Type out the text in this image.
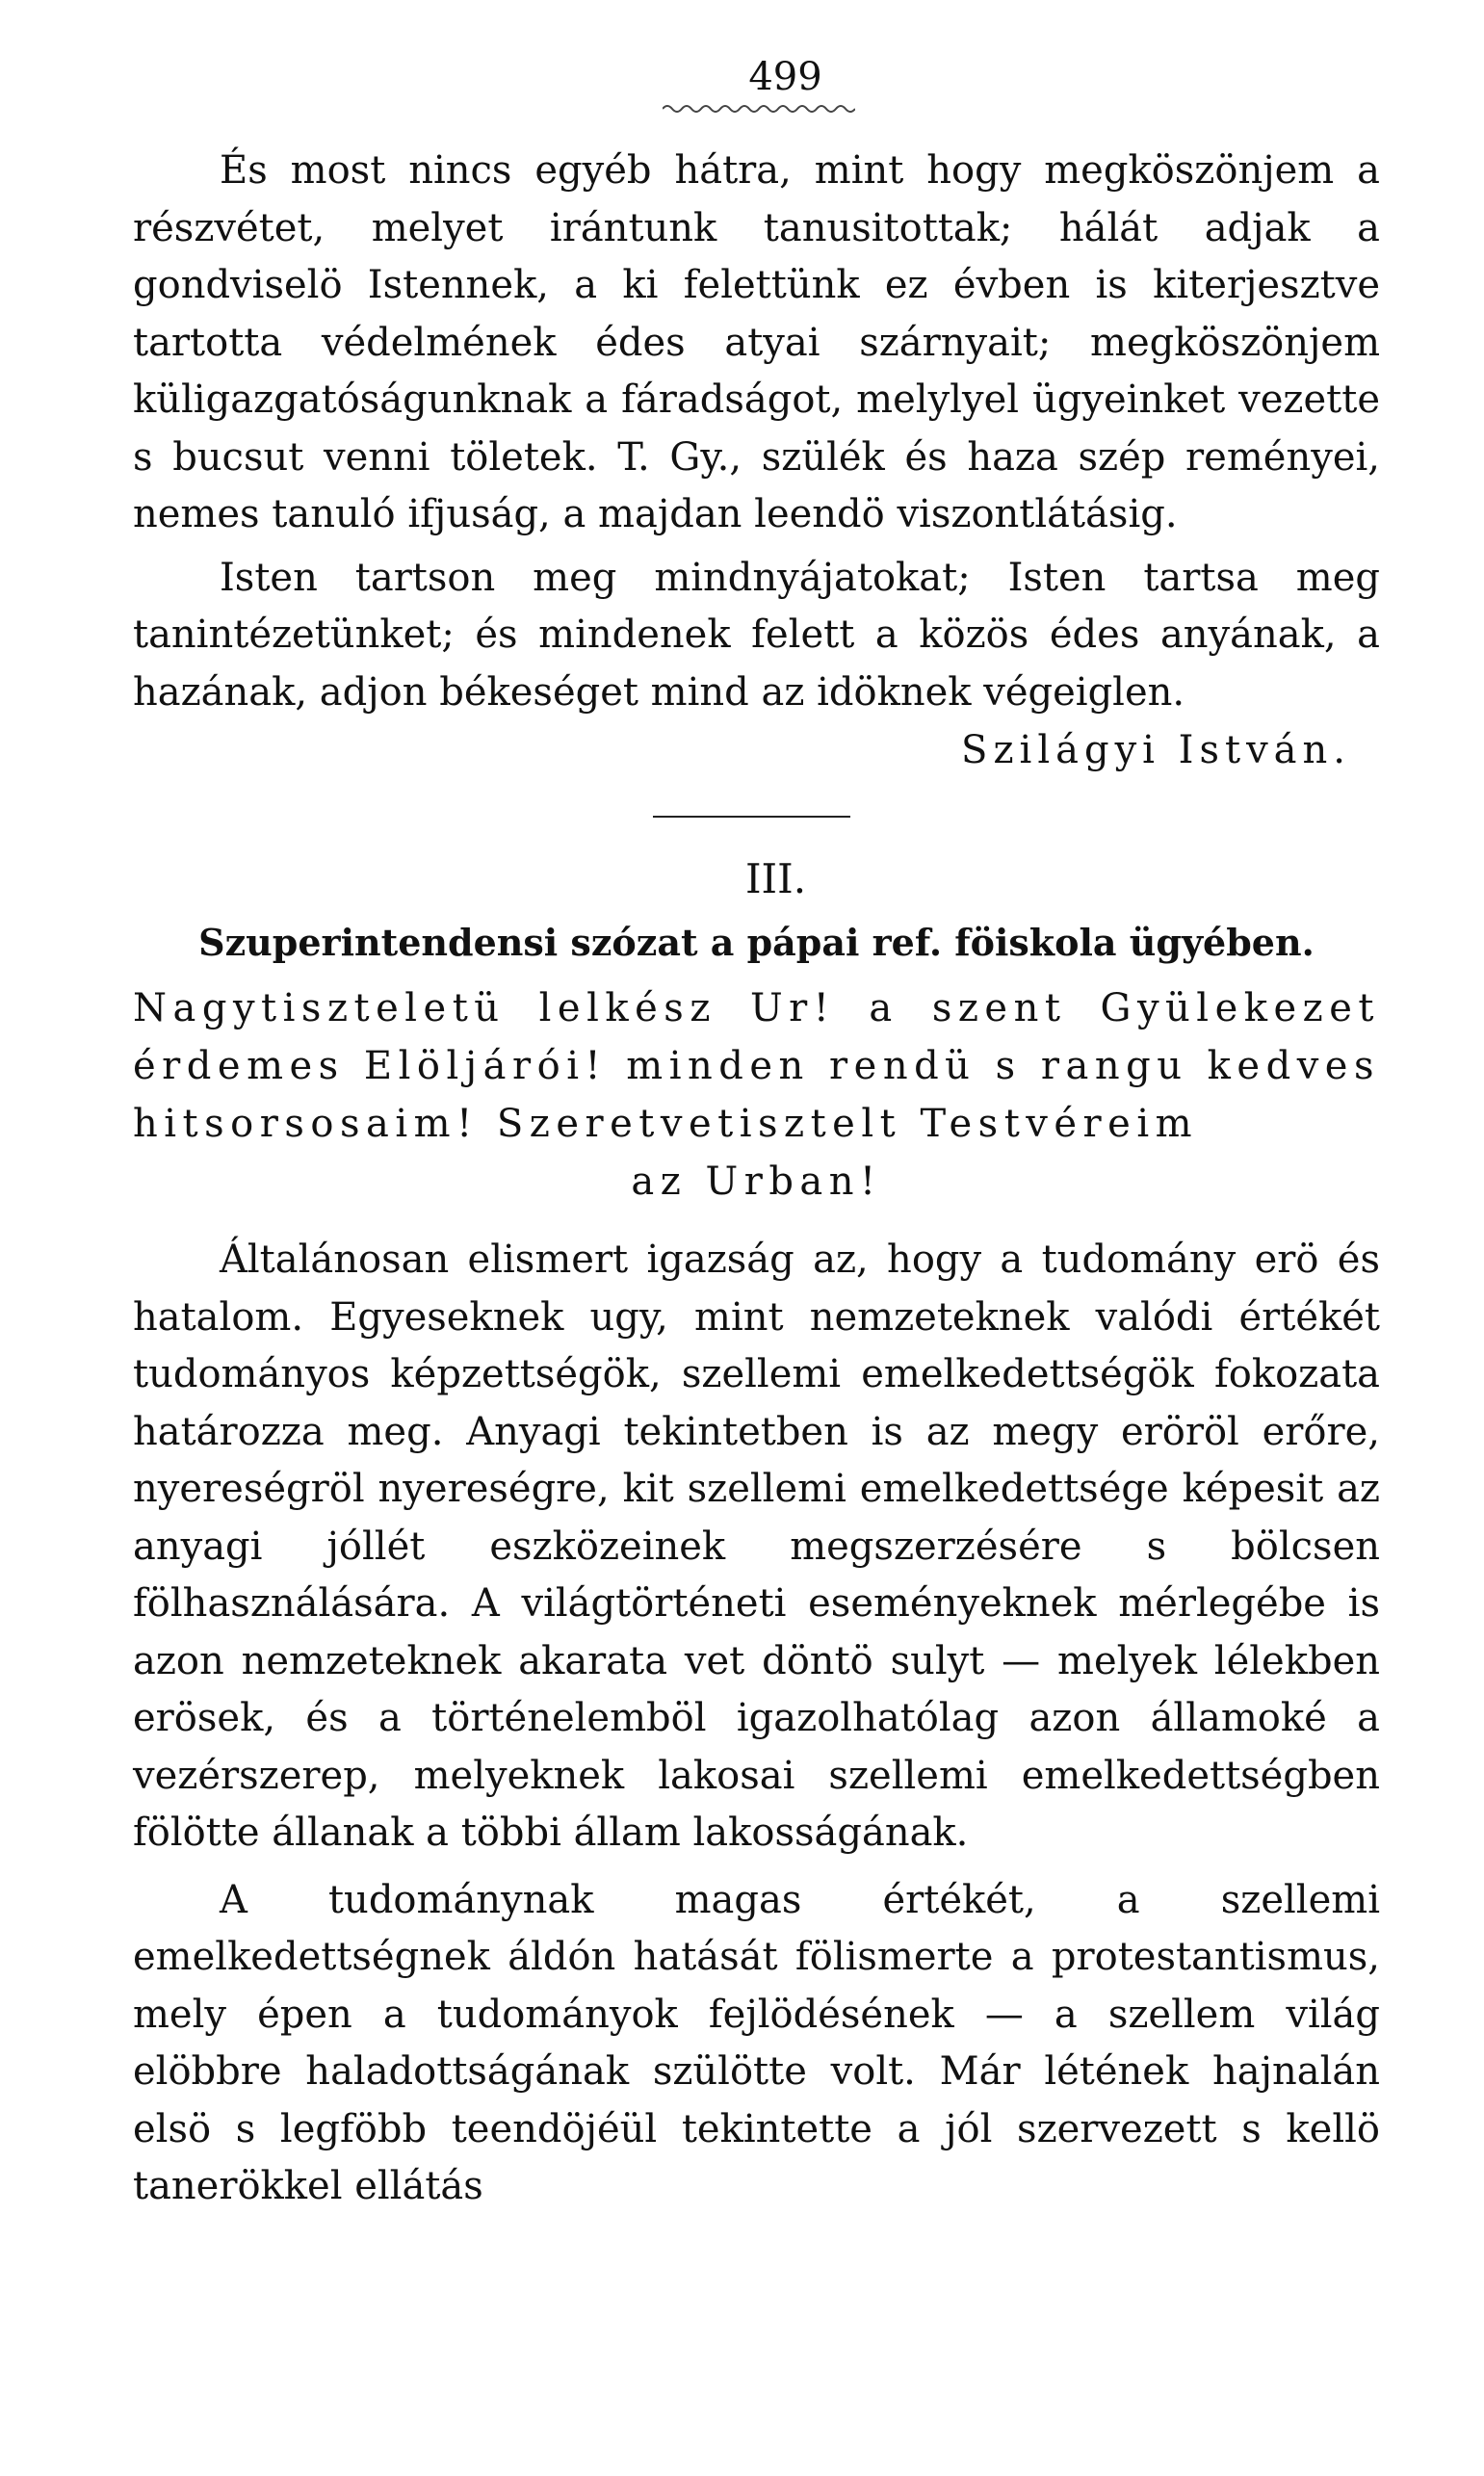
499

És most nincs egyéb hátra, mint hogy megköszönjem a részvétet, melyet irántunk tanusitottak; hálát adjak a gondviselö Istennek, a ki felettünk ez évben is kiterjesztve tartotta védelmének édes atyai szárnyait; megköszönjem küligazgatóságunknak a fáradságot, melylyel ügyeinket vezette s bucsut venni töletek. T. Gy., szülék és haza szép reményei, nemes tanuló ifjuság, a majdan leendö viszontlátásig.

Isten tartson meg mindnyájatokat; Isten tartsa meg tanintézetünket; és mindenek felett a közös édes anyának, a hazának, adjon békeséget mind az idöknek végeiglen.

Szilágyi István.

III.
Szuperintendensi szózat a pápai ref. föiskola ügyében.

Nagytiszteletü lelkész Ur! a szent Gyülekezet érdemes Elöljárói! minden rendü s rangu kedves hitsorsosaim! Szeretvetisztelt Testvéreim

az Urban!

Általánosan elismert igazság az, hogy a tudomány erö és hatalom. Egyeseknek ugy, mint nemzeteknek valódi értékét tudományos képzettségök, szellemi emelkedettségök fokozata határozza meg. Anyagi tekintetben is az megy eröröl erőre, nyereségröl nyereségre, kit szellemi emelkedettsége képesit az anyagi jóllét eszközeinek megszerzésére s bölcsen fölhasználására. A világtörténeti eseményeknek mérlegébe is azon nemzeteknek akarata vet döntö sulyt — melyek lélekben erösek, és a történelemböl igazolhatólag azon államoké a vezérszerep, melyeknek lakosai szellemi emelkedettségben fölötte állanak a többi állam lakosságának.

A tudománynak magas értékét, a szellemi emelkedettségnek áldón hatását fölismerte a protestantismus, mely épen a tudományok fejlödésének — a szellem világ elöbbre haladottságának szülötte volt. Már létének hajnalán elsö s legföbb teendöjéül tekintette a jól szervezett s kellö tanerökkel ellátás
